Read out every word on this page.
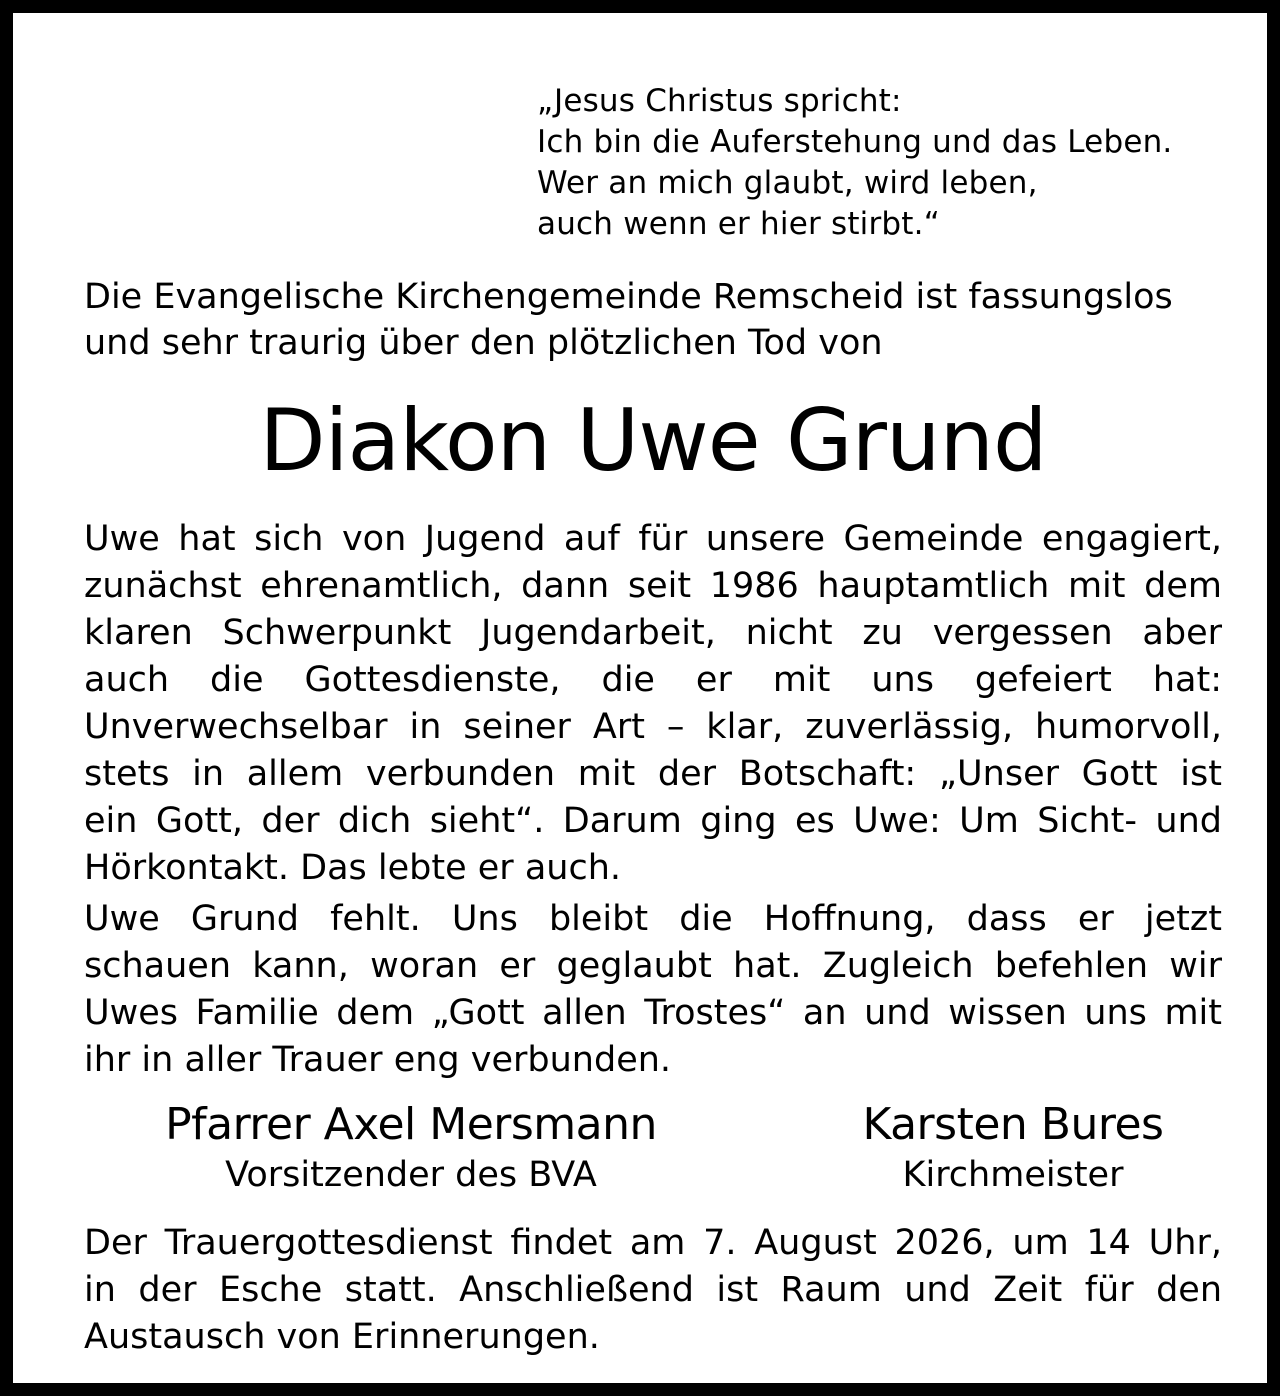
„Jesus Christus spricht:
Ich bin die Auferstehung und das Leben.
Wer an mich glaubt, wird leben,
auch wenn er hier stirbt.“
Die Evangelische Kirchengemeinde Remscheid ist fassungslos
und sehr traurig über den plötzlichen Tod von
Diakon Uwe Grund
Uwe hat sich von Jugend auf für unsere Gemeinde engagiert,
zunächst ehrenamtlich, dann seit 1986 hauptamtlich mit dem
klaren Schwerpunkt Jugendarbeit, nicht zu vergessen aber
auch die Gottesdienste, die er mit uns gefeiert hat:
Unverwechselbar in seiner Art – klar, zuverlässig, humorvoll,
stets in allem verbunden mit der Botschaft: „Unser Gott ist
ein Gott, der dich sieht“. Darum ging es Uwe: Um Sicht- und
Hörkontakt. Das lebte er auch.
Uwe Grund fehlt. Uns bleibt die Hoffnung, dass er jetzt
schauen kann, woran er geglaubt hat. Zugleich befehlen wir
Uwes Familie dem „Gott allen Trostes“ an und wissen uns mit
ihr in aller Trauer eng verbunden.
Pfarrer Axel Mersmann
Vorsitzender des BVA
Karsten Bures
Kirchmeister
Der Trauergottesdienst findet am 7. August 2026, um 14 Uhr,
in der Esche statt. Anschließend ist Raum und Zeit für den
Austausch von Erinnerungen.
